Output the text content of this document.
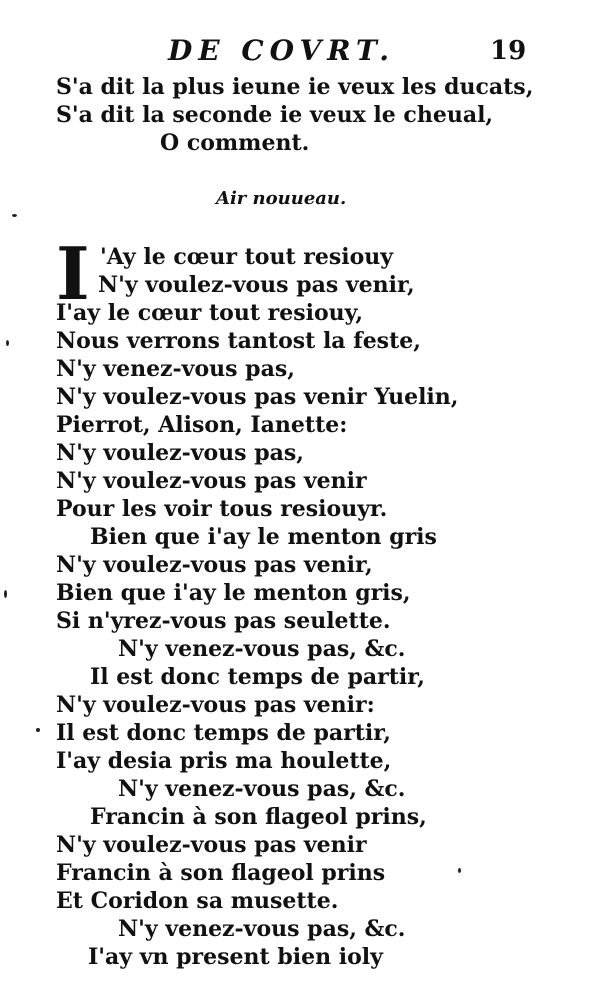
DE COVRT.	19
S'a dit la plus ieune ie veux les ducats,
S'a dit la seconde ie veux le cheual,
O comment.
Air nouueau.
I 'Ay le cœur tout resiouy
N'y voulez-vous pas venir,
I'ay le cœur tout resiouy,
Nous verrons tantost la feste,
N'y venez-vous pas,
N'y voulez-vous pas venir Yuelin,
Pierrot, Alison, Ianette:
N'y voulez-vous pas,
N'y voulez-vous pas venir
Pour les voir tous resiouyr.
Bien que i'ay le menton gris
N'y voulez-vous pas venir,
Bien que i'ay le menton gris,
Si n'yrez-vous pas seulette.
N'y venez-vous pas, &c.
Il est donc temps de partir,
N'y voulez-vous pas venir:
Il est donc temps de partir,
I'ay desia pris ma houlette,
N'y venez-vous pas, &c.
Francin à son flageol prins,
N'y voulez-vous pas venir
Francin à son flageol prins
Et Coridon sa musette.
N'y venez-vous pas, &c.
I'ay vn present bien ioly
